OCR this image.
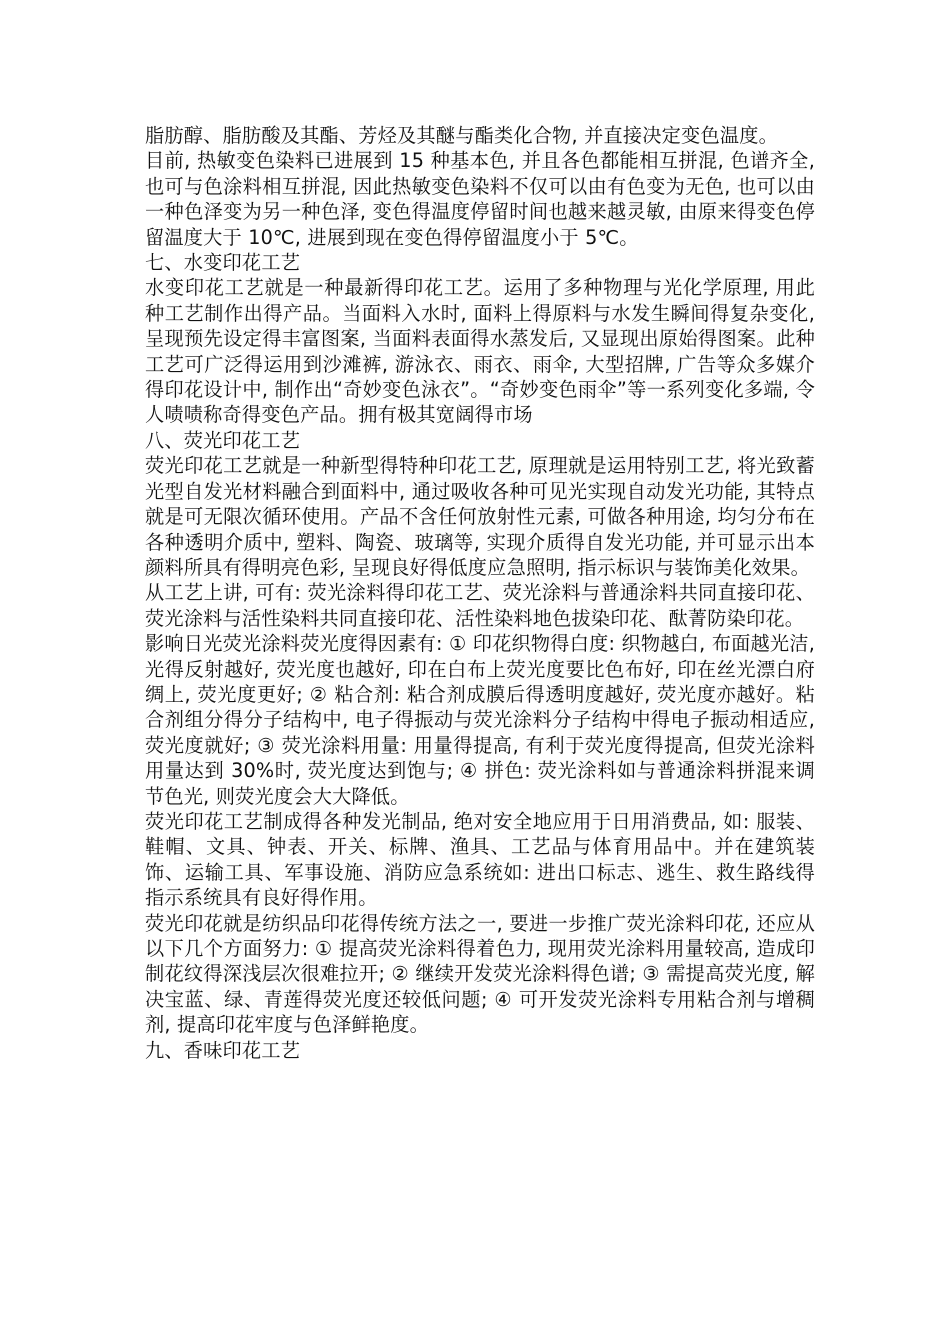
脂肪醇、脂肪酸及其酯、芳烃及其醚与酯类化合物, 并直接决定变色温度。

目前, 热敏变色染料已进展到 15 种基本色, 并且各色都能相互拼混, 色谱齐全, 也可与色涂料相互拼混, 因此热敏变色染料不仅可以由有色变为无色, 也可以由一种色泽变为另一种色泽, 变色得温度停留时间也越来越灵敏, 由原来得变色停留温度大于 10℃, 进展到现在变色得停留温度小于 5℃。

七、水变印花工艺

水变印花工艺就是一种最新得印花工艺。运用了多种物理与光化学原理, 用此种工艺制作出得产品。当面料入水时, 面料上得原料与水发生瞬间得复杂变化, 呈现预先设定得丰富图案, 当面料表面得水蒸发后, 又显现出原始得图案。此种工艺可广泛得运用到沙滩裤, 游泳衣、雨衣、雨伞, 大型招牌, 广告等众多媒介得印花设计中, 制作出“奇妙变色泳衣”。“奇妙变色雨伞”等一系列变化多端, 令人啧啧称奇得变色产品。拥有极其宽阔得市场

八、荧光印花工艺

荧光印花工艺就是一种新型得特种印花工艺, 原理就是运用特别工艺, 将光致蓄光型自发光材料融合到面料中, 通过吸收各种可见光实现自动发光功能, 其特点就是可无限次循环使用。产品不含任何放射性元素, 可做各种用途, 均匀分布在各种透明介质中, 塑料、陶瓷、玻璃等, 实现介质得自发光功能, 并可显示出本颜料所具有得明亮色彩, 呈现良好得低度应急照明, 指示标识与装饰美化效果。

从工艺上讲, 可有: 荧光涂料得印花工艺、荧光涂料与普通涂料共同直接印花、荧光涂料与活性染料共同直接印花、活性染料地色拔染印花、酞菁防染印花。

影响日光荧光涂料荧光度得因素有: ① 印花织物得白度: 织物越白, 布面越光洁, 光得反射越好, 荧光度也越好, 印在白布上荧光度要比色布好, 印在丝光漂白府绸上, 荧光度更好; ② 粘合剂: 粘合剂成膜后得透明度越好, 荧光度亦越好。粘合剂组分得分子结构中, 电子得振动与荧光涂料分子结构中得电子振动相适应, 荧光度就好; ③ 荧光涂料用量: 用量得提高, 有利于荧光度得提高, 但荧光涂料用量达到 30%时, 荧光度达到饱与; ④ 拼色: 荧光涂料如与普通涂料拼混来调节色光, 则荧光度会大大降低。

荧光印花工艺制成得各种发光制品, 绝对安全地应用于日用消费品, 如: 服装、鞋帽、文具、钟表、开关、标牌、渔具、工艺品与体育用品中。并在建筑装饰、运输工具、军事设施、消防应急系统如: 进出口标志、逃生、救生路线得指示系统具有良好得作用。

荧光印花就是纺织品印花得传统方法之一, 要进一步推广荧光涂料印花, 还应从以下几个方面努力: ① 提高荧光涂料得着色力, 现用荧光涂料用量较高, 造成印制花纹得深浅层次很难拉开; ② 继续开发荧光涂料得色谱; ③ 需提高荧光度, 解决宝蓝、绿、青莲得荧光度还较低问题; ④ 可开发荧光涂料专用粘合剂与增稠剂, 提高印花牢度与色泽鲜艳度。

九、香味印花工艺
